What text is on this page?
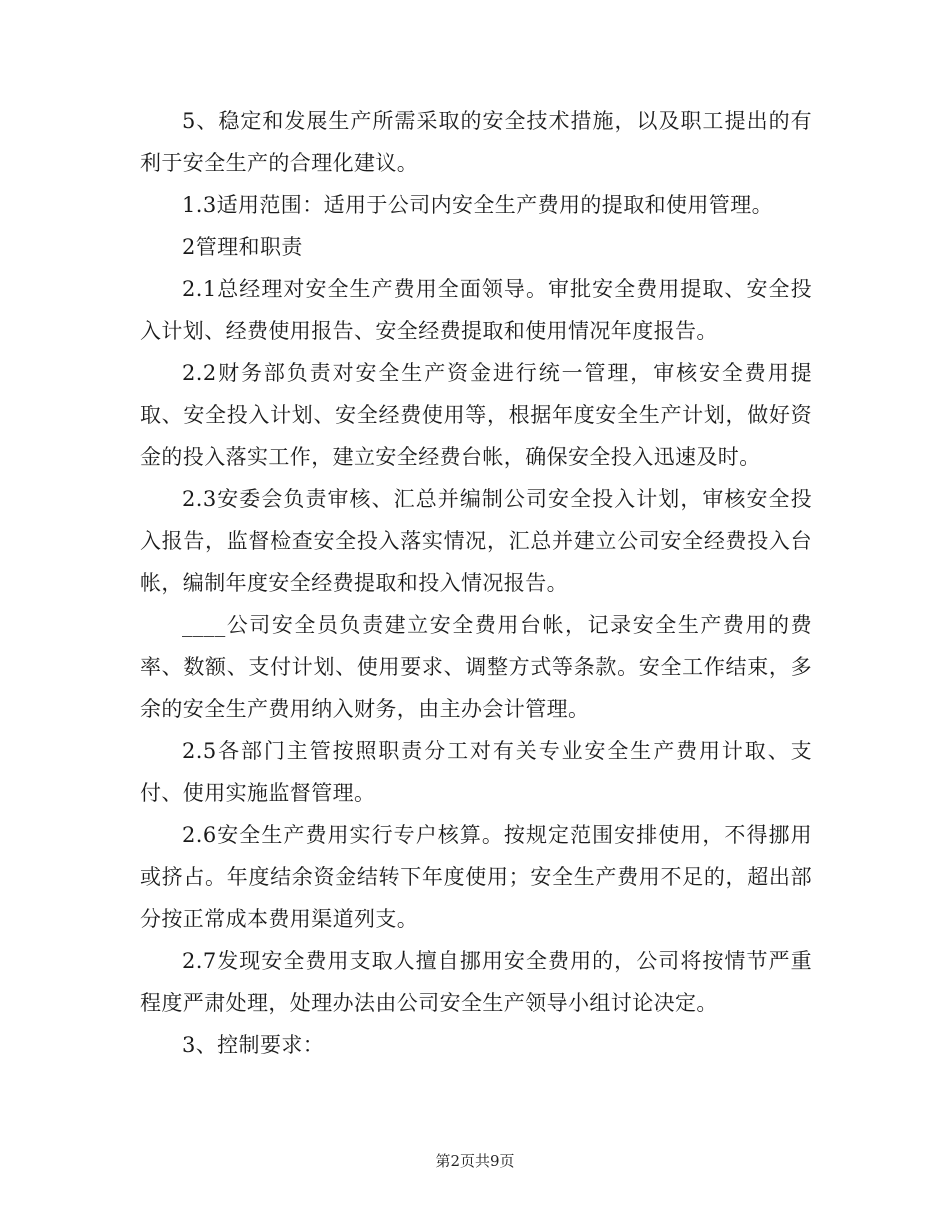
5、稳定和发展生产所需采取的安全技术措施，以及职工提出的有利于安全生产的合理化建议。

1.3适用范围：适用于公司内安全生产费用的提取和使用管理。

2管理和职责

2.1总经理对安全生产费用全面领导。审批安全费用提取、安全投入计划、经费使用报告、安全经费提取和使用情况年度报告。

2.2财务部负责对安全生产资金进行统一管理，审核安全费用提取、安全投入计划、安全经费使用等，根据年度安全生产计划，做好资金的投入落实工作，建立安全经费台帐，确保安全投入迅速及时。

2.3安委会负责审核、汇总并编制公司安全投入计划，审核安全投入报告，监督检查安全投入落实情况，汇总并建立公司安全经费投入台帐，编制年度安全经费提取和投入情况报告。

____公司安全员负责建立安全费用台帐，记录安全生产费用的费率、数额、支付计划、使用要求、调整方式等条款。安全工作结束，多余的安全生产费用纳入财务，由主办会计管理。

2.5各部门主管按照职责分工对有关专业安全生产费用计取、支付、使用实施监督管理。

2.6安全生产费用实行专户核算。按规定范围安排使用，不得挪用或挤占。年度结余资金结转下年度使用；安全生产费用不足的，超出部分按正常成本费用渠道列支。

2.7发现安全费用支取人擅自挪用安全费用的，公司将按情节严重程度严肃处理，处理办法由公司安全生产领导小组讨论决定。

3、控制要求：

第2页共9页
